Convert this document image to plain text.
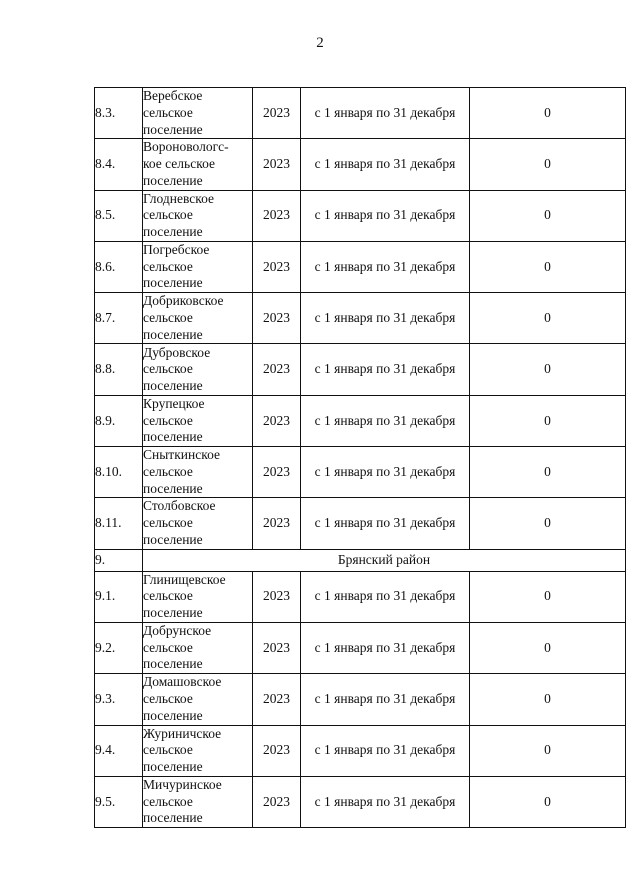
2
8.3.	Веребское
сельское
поселение	2023	с 1 января по 31 декабря	0
8.4.	Вороновологс-
кое сельское
поселение	2023	с 1 января по 31 декабря	0
8.5.	Глодневское
сельское
поселение	2023	с 1 января по 31 декабря	0
8.6.	Погребское
сельское
поселение	2023	с 1 января по 31 декабря	0
8.7.	Добриковское
сельское
поселение	2023	с 1 января по 31 декабря	0
8.8.	Дубровское
сельское
поселение	2023	с 1 января по 31 декабря	0
8.9.	Крупецкое
сельское
поселение	2023	с 1 января по 31 декабря	0
8.10.	Сныткинское
сельское
поселение	2023	с 1 января по 31 декабря	0
8.11.	Столбовское
сельское
поселение	2023	с 1 января по 31 декабря	0
9.	Брянский район			
9.1.	Глинищевское
сельское
поселение	2023	с 1 января по 31 декабря	0
9.2.	Добрунское
сельское
поселение	2023	с 1 января по 31 декабря	0
9.3.	Домашовское
сельское
поселение	2023	с 1 января по 31 декабря	0
9.4.	Журиничское
сельское
поселение	2023	с 1 января по 31 декабря	0
9.5.	Мичуринское
сельское
поселение	2023	с 1 января по 31 декабря	0
